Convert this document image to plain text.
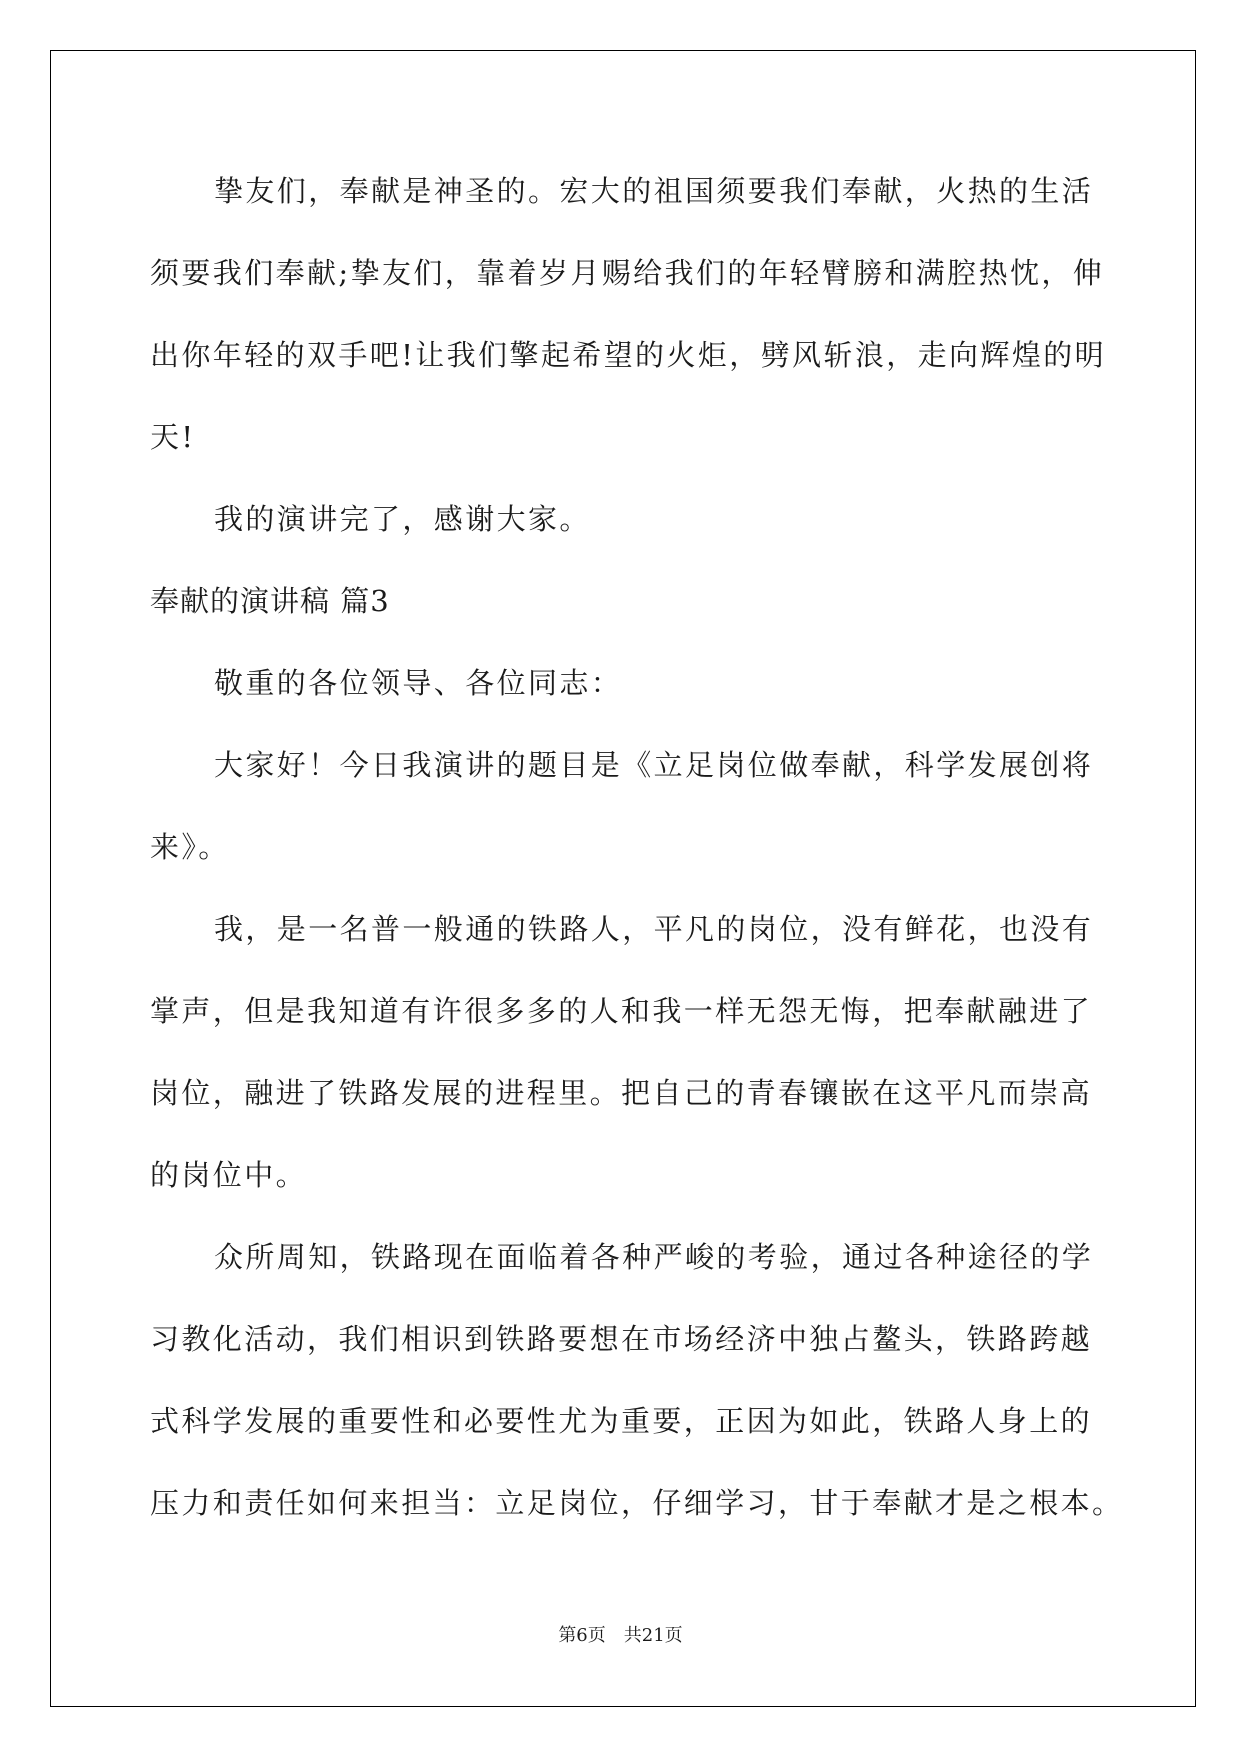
挚友们，奉献是神圣的。宏大的祖国须要我们奉献，火热的生活
须要我们奉献;挚友们，靠着岁月赐给我们的年轻臂膀和满腔热忱，伸
出你年轻的双手吧!让我们擎起希望的火炬，劈风斩浪，走向辉煌的明
天!
我的演讲完了，感谢大家。
奉献的演讲稿 篇3
敬重的各位领导、各位同志：
大家好！今日我演讲的题目是《立足岗位做奉献，科学发展创将
来》。
我，是一名普一般通的铁路人，平凡的岗位，没有鲜花，也没有
掌声，但是我知道有许很多多的人和我一样无怨无悔，把奉献融进了
岗位，融进了铁路发展的进程里。把自己的青春镶嵌在这平凡而崇高
的岗位中。
众所周知，铁路现在面临着各种严峻的考验，通过各种途径的学
习教化活动，我们相识到铁路要想在市场经济中独占鳌头，铁路跨越
式科学发展的重要性和必要性尤为重要，正因为如此，铁路人身上的
压力和责任如何来担当：立足岗位，仔细学习，甘于奉献才是之根本。
第6页　共21页
